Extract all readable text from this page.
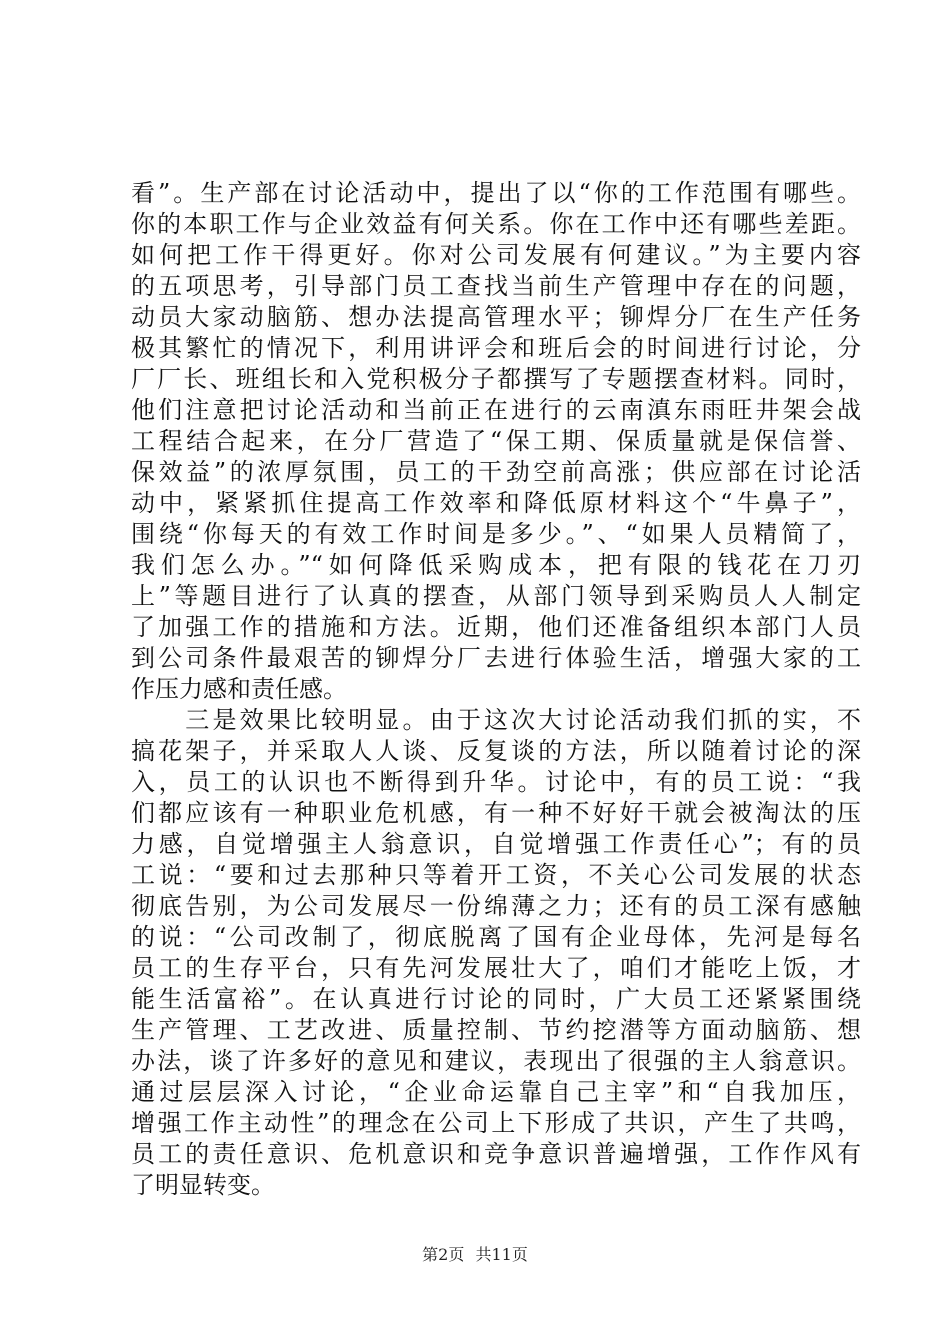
看”。生产部在讨论活动中，提出了以“你的工作范围有哪些。
你的本职工作与企业效益有何关系。你在工作中还有哪些差距。
如何把工作干得更好。你对公司发展有何建议。”为主要内容
的五项思考，引导部门员工查找当前生产管理中存在的问题，
动员大家动脑筋、想办法提高管理水平；铆焊分厂在生产任务
极其繁忙的情况下，利用讲评会和班后会的时间进行讨论，分
厂厂长、班组长和入党积极分子都撰写了专题摆查材料。同时，
他们注意把讨论活动和当前正在进行的云南滇东雨旺井架会战
工程结合起来，在分厂营造了“保工期、保质量就是保信誉、
保效益”的浓厚氛围，员工的干劲空前高涨；供应部在讨论活
动中，紧紧抓住提高工作效率和降低原材料这个“牛鼻子”，
围绕“你每天的有效工作时间是多少。”、“如果人员精简了，
我们怎么办。”“如何降低采购成本，把有限的钱花在刀刃
上”等题目进行了认真的摆查，从部门领导到采购员人人制定
了加强工作的措施和方法。近期，他们还准备组织本部门人员
到公司条件最艰苦的铆焊分厂去进行体验生活，增强大家的工
作压力感和责任感。
　　三是效果比较明显。由于这次大讨论活动我们抓的实，不
搞花架子，并采取人人谈、反复谈的方法，所以随着讨论的深
入，员工的认识也不断得到升华。讨论中，有的员工说：“我
们都应该有一种职业危机感，有一种不好好干就会被淘汰的压
力感，自觉增强主人翁意识，自觉增强工作责任心”；有的员
工说：“要和过去那种只等着开工资，不关心公司发展的状态
彻底告别，为公司发展尽一份绵薄之力；还有的员工深有感触
的说：“公司改制了，彻底脱离了国有企业母体，先河是每名
员工的生存平台，只有先河发展壮大了，咱们才能吃上饭，才
能生活富裕”。在认真进行讨论的同时，广大员工还紧紧围绕
生产管理、工艺改进、质量控制、节约挖潜等方面动脑筋、想
办法，谈了许多好的意见和建议，表现出了很强的主人翁意识。
通过层层深入讨论，“企业命运靠自己主宰”和“自我加压，
增强工作主动性”的理念在公司上下形成了共识，产生了共鸣，
员工的责任意识、危机意识和竞争意识普遍增强，工作作风有
了明显转变。
第2页 共11页
